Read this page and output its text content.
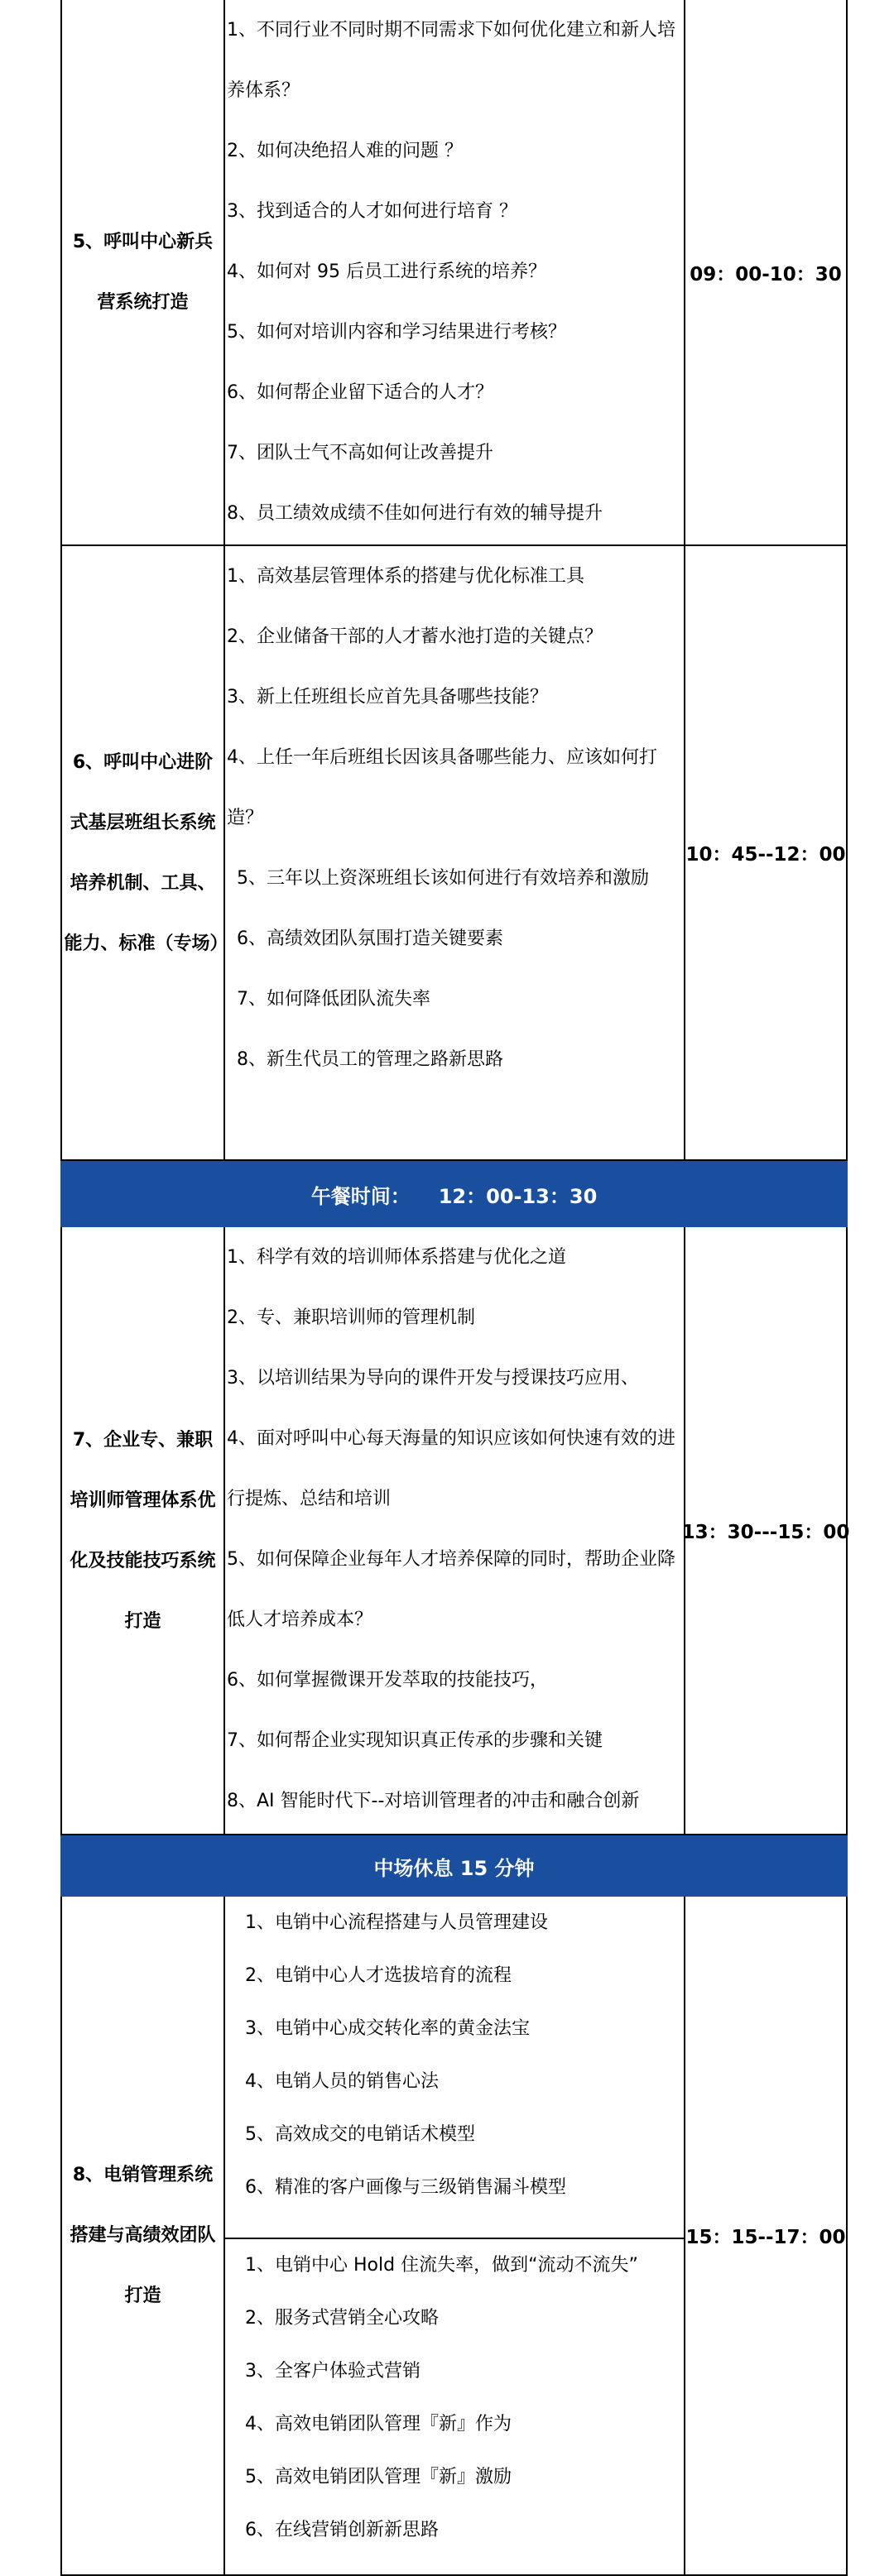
5、呼叫中心新兵营系统打造
1、不同行业不同时期不同需求下如何优化建立和新人培养体系？
2、如何决绝招人难的问题 ？
3、找到适合的人才如何进行培育 ？
4、如何对 95 后员工进行系统的培养？
5、如何对培训内容和学习结果进行考核？
6、如何帮企业留下适合的人才？
7、团队士气不高如何让改善提升
8、员工绩效成绩不佳如何进行有效的辅导提升
09：00-10：30
6、呼叫中心进阶式基层班组长系统培养机制、工具、能力、标准（专场）
1、高效基层管理体系的搭建与优化标准工具
2、企业储备干部的人才蓄水池打造的关键点？
3、新上任班组长应首先具备哪些技能？
4、上任一年后班组长因该具备哪些能力、应该如何打造？
5、三年以上资深班组长该如何进行有效培养和激励
6、高绩效团队氛围打造关键要素
7、如何降低团队流失率
8、新生代员工的管理之路新思路
10：45--12：00
午餐时间： 12：00-13：30
7、企业专、兼职培训师管理体系优化及技能技巧系统打造
1、科学有效的培训师体系搭建与优化之道
2、专、兼职培训师的管理机制
3、以培训结果为导向的课件开发与授课技巧应用、
4、面对呼叫中心每天海量的知识应该如何快速有效的进行提炼、总结和培训
5、如何保障企业每年人才培养保障的同时，帮助企业降低人才培养成本？
6、如何掌握微课开发萃取的技能技巧，
7、如何帮企业实现知识真正传承的步骤和关键
8、AI 智能时代下--对培训管理者的冲击和融合创新
13：30---15：00
中场休息 15 分钟
8、电销管理系统搭建与高绩效团队打造
1、电销中心流程搭建与人员管理建设
2、电销中心人才选拔培育的流程
3、电销中心成交转化率的黄金法宝
4、电销人员的销售心法
5、高效成交的电销话术模型
6、精准的客户画像与三级销售漏斗模型
1、电销中心 Hold 住流失率，做到“流动不流失”
2、服务式营销全心攻略
3、全客户体验式营销
4、高效电销团队管理『新』作为
5、高效电销团队管理『新』激励
6、在线营销创新新思路
15：15--17：00
